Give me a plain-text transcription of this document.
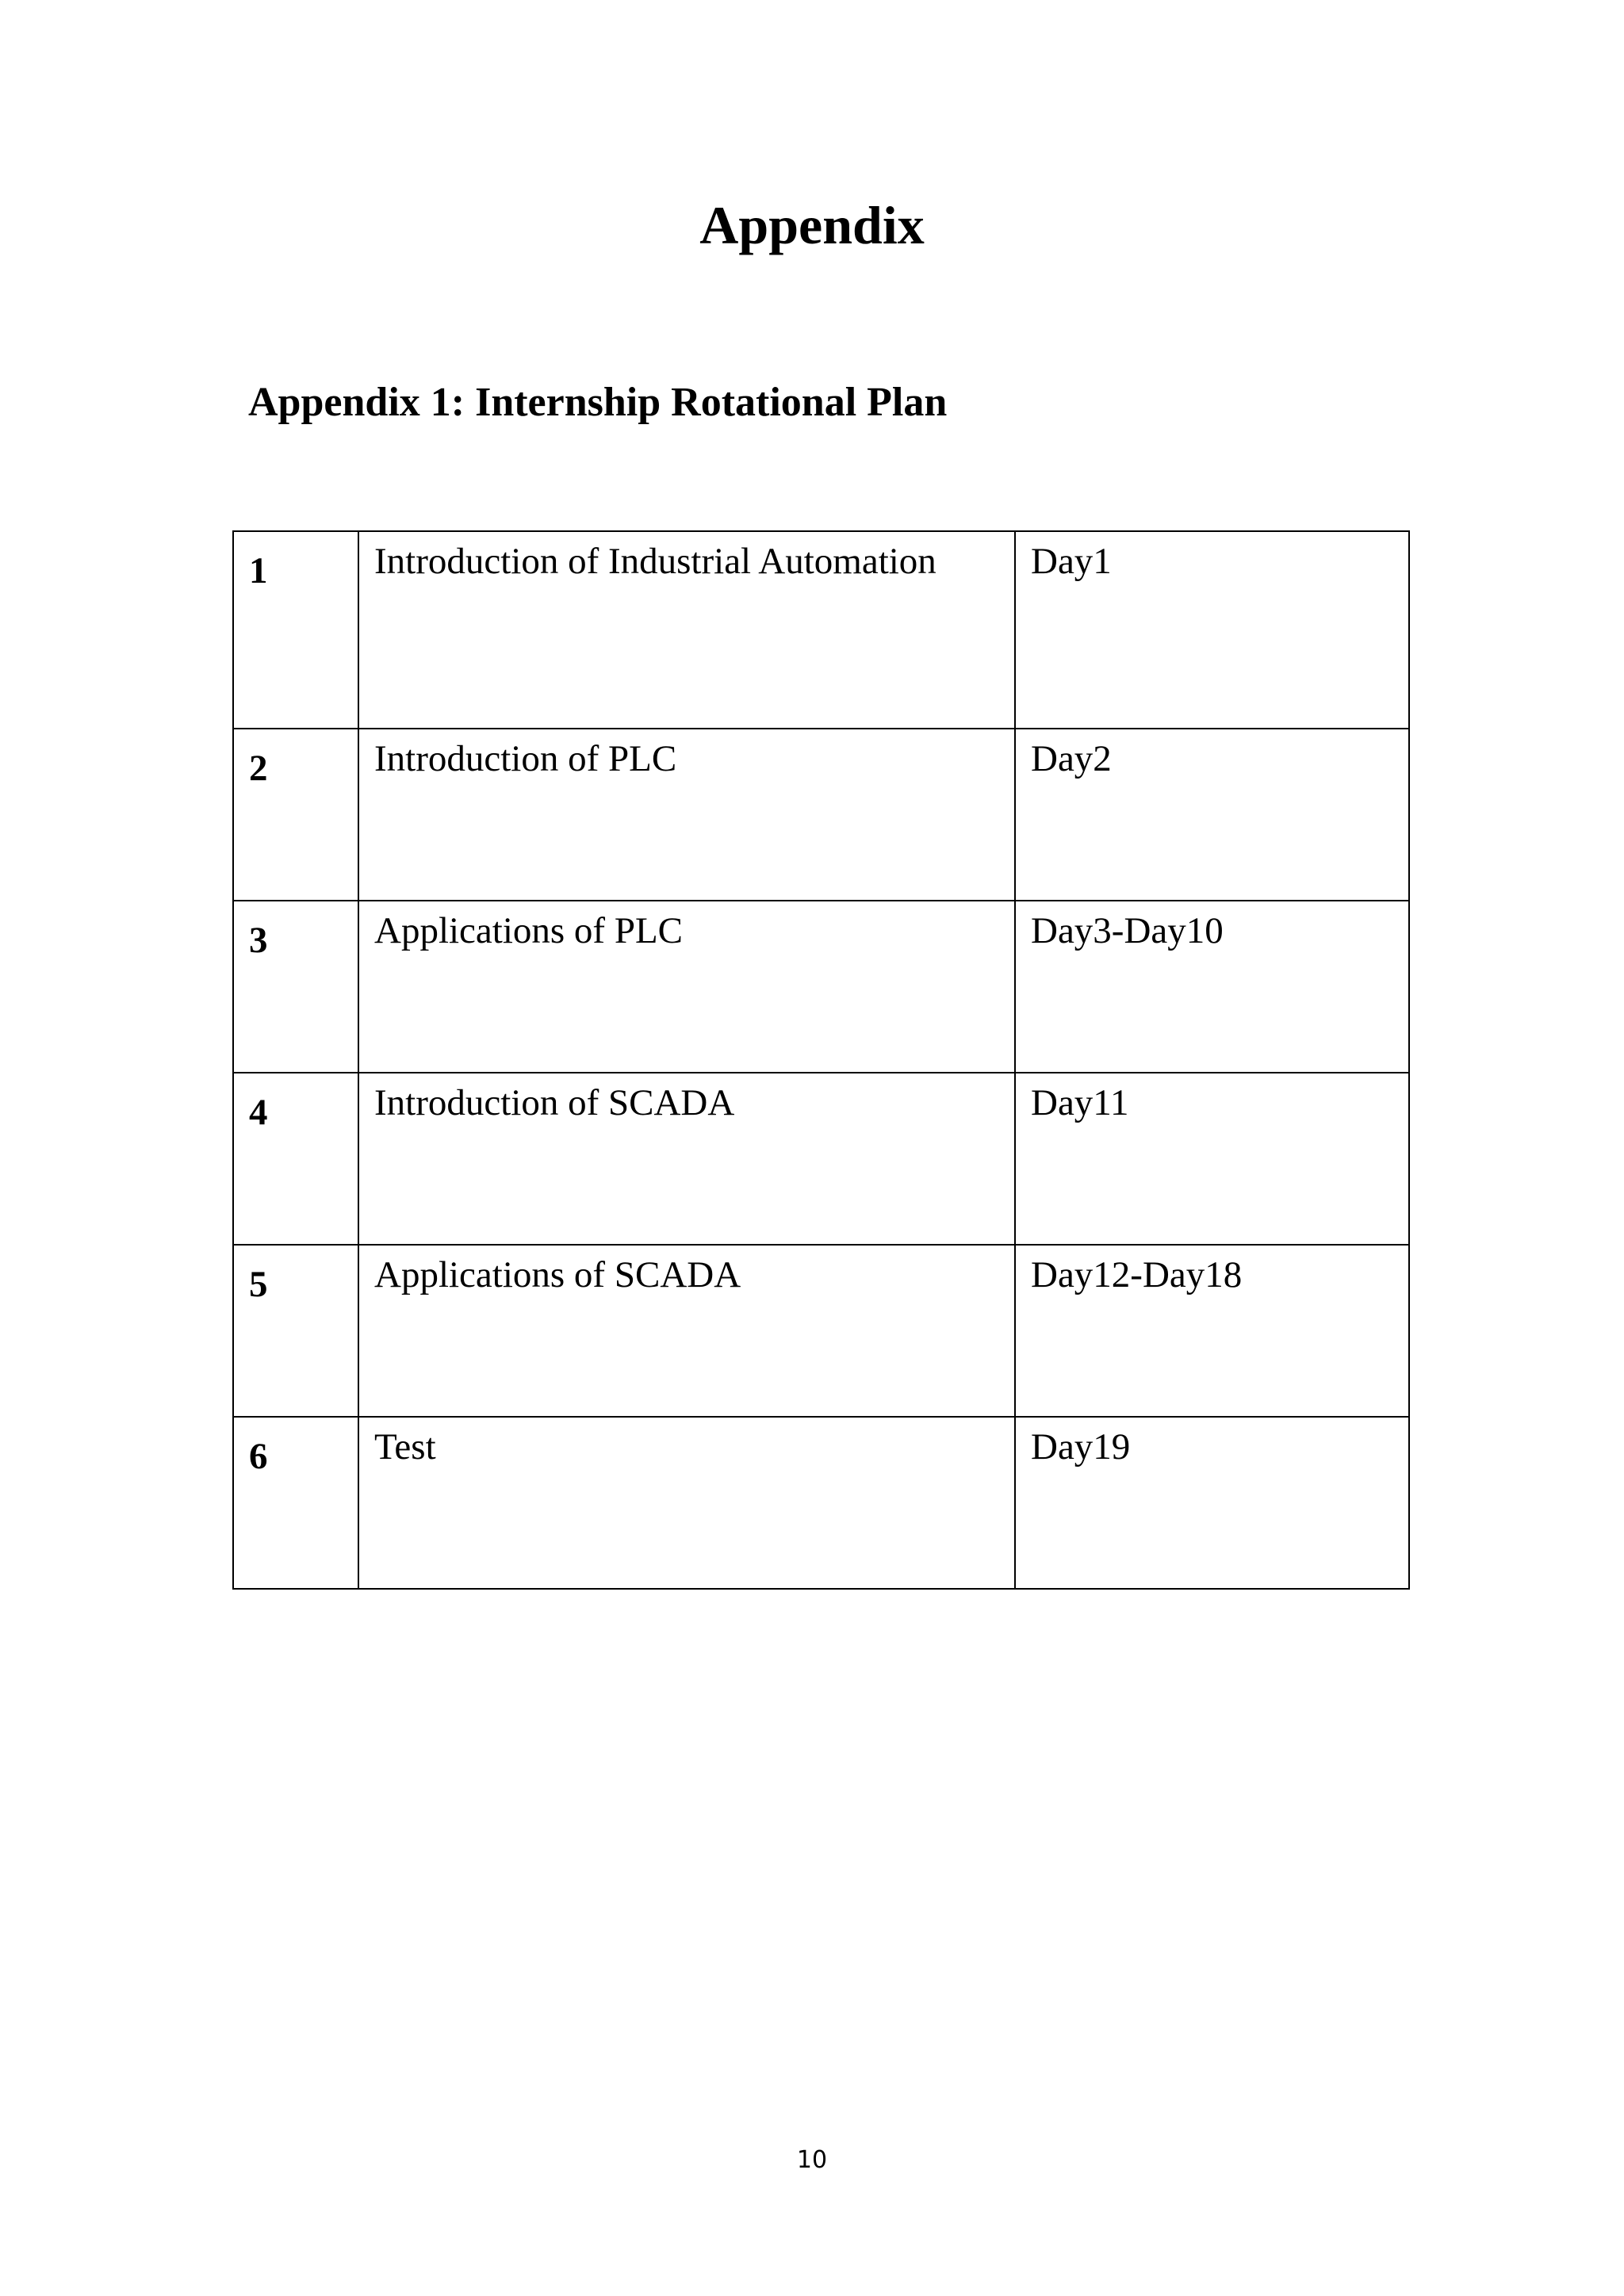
Appendix
Appendix 1: Internship Rotational Plan
1	Introduction of Industrial Automation	Day1
2	Introduction of PLC	Day2
3	Applications of PLC	Day3-Day10
4	Introduction of SCADA	Day11
5	Applications of SCADA	Day12-Day18
6	Test	Day19
10
